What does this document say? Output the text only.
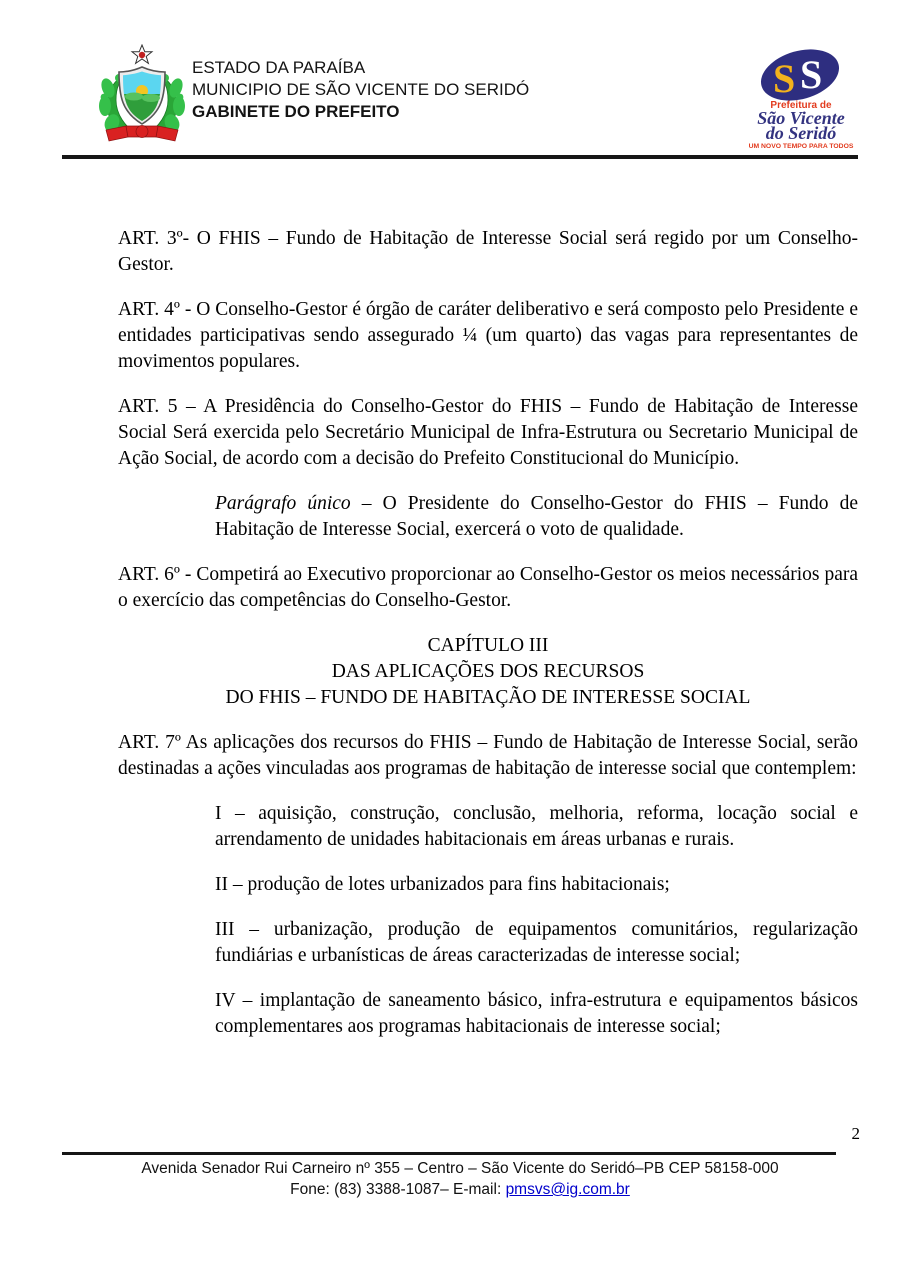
ESTADO DA PARAÍBA
MUNICIPIO DE SÃO VICENTE DO SERIDÓ
GABINETE DO PREFEITO
S S
Prefeitura de
São Vicente
do Seridó
UM NOVO TEMPO PARA TODOS

ART. 3º- O FHIS – Fundo de Habitação de Interesse Social será regido por um Conselho-Gestor.

ART. 4º - O Conselho-Gestor é órgão de caráter deliberativo e será composto pelo Presidente e entidades participativas sendo assegurado ¼ (um quarto) das vagas para representantes de movimentos populares.

ART. 5 – A Presidência do Conselho-Gestor do FHIS – Fundo de Habitação de Interesse Social Será exercida pelo Secretário Municipal de Infra-Estrutura ou Secretario Municipal de Ação Social, de acordo com a decisão do Prefeito Constitucional do Município.

Parágrafo único – O Presidente do Conselho-Gestor do FHIS – Fundo de Habitação de Interesse Social, exercerá o voto de qualidade.

ART. 6º - Competirá ao Executivo proporcionar ao Conselho-Gestor os meios necessários para o exercício das competências do Conselho-Gestor.

CAPÍTULO III
DAS APLICAÇÕES DOS RECURSOS
DO FHIS – FUNDO DE HABITAÇÃO DE INTERESSE SOCIAL

ART. 7º As aplicações dos recursos do FHIS – Fundo de Habitação de Interesse Social, serão destinadas a ações vinculadas aos programas de habitação de interesse social que contemplem:

I – aquisição, construção, conclusão, melhoria, reforma, locação social e arrendamento de unidades habitacionais em áreas urbanas e rurais.

II – produção de lotes urbanizados para fins habitacionais;

III – urbanização, produção de equipamentos comunitários, regularização fundiárias e urbanísticas de áreas caracterizadas de interesse social;

IV – implantação de saneamento básico, infra-estrutura e equipamentos básicos complementares aos programas habitacionais de interesse social;

2
Avenida Senador Rui Carneiro nº 355 – Centro – São Vicente do Seridó–PB CEP 58158-000
Fone: (83) 3388-1087– E-mail: pmsvs@ig.com.br
